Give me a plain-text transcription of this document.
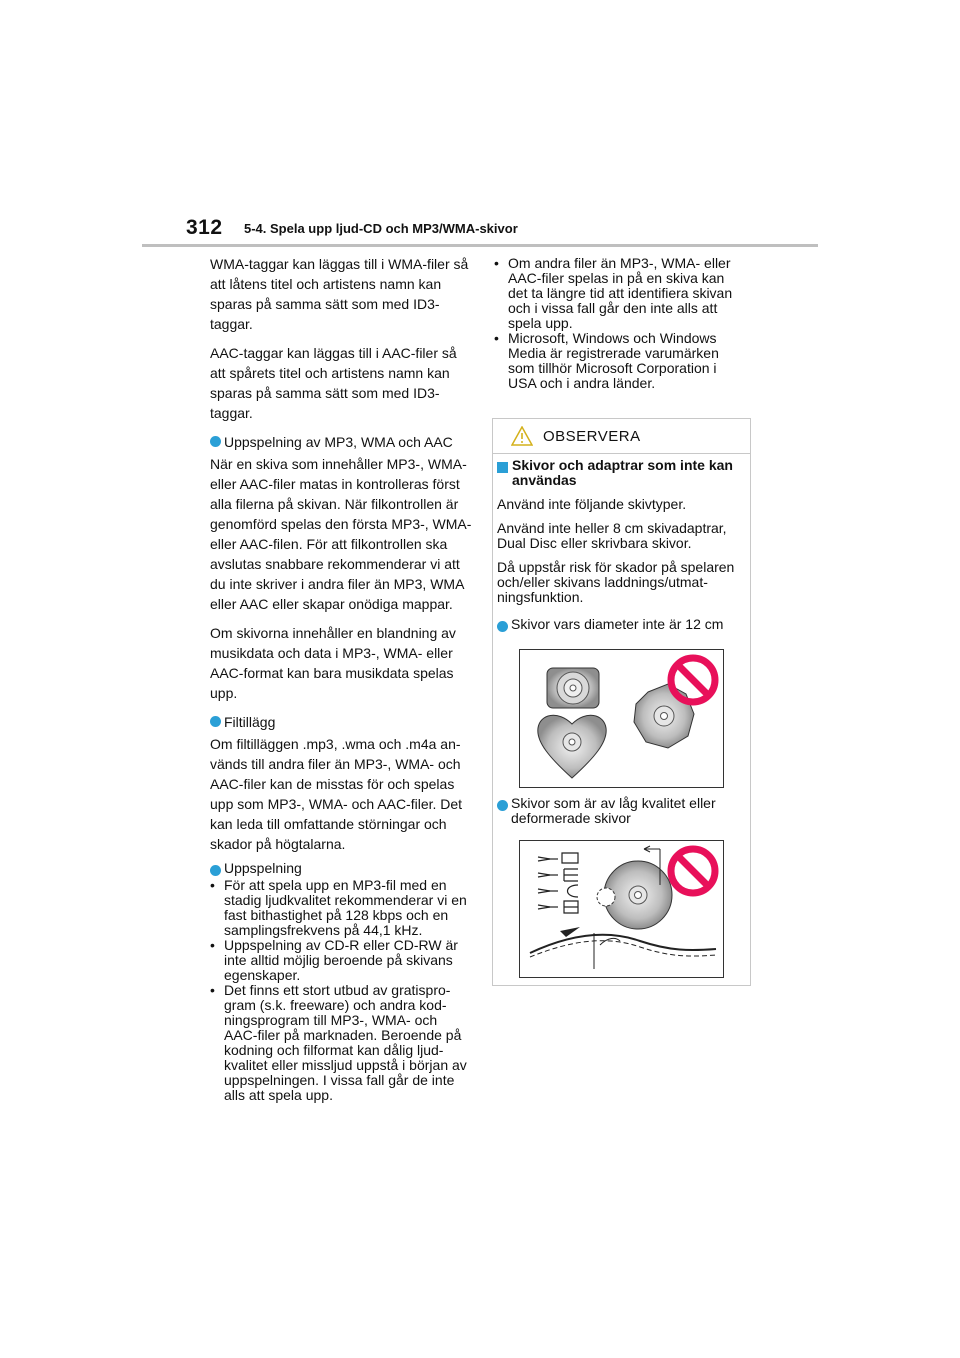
312 5-4. Spela upp ljud-CD och MP3/WMA-skivor

WMA-taggar kan läggas till i WMA-filer så att låtens titel och artistens namn kan sparas på samma sätt som med ID3-taggar.

AAC-taggar kan läggas till i AAC-filer så att spårets titel och artistens namn kan sparas på samma sätt som med ID3-taggar.

Uppspelning av MP3, WMA och AAC

När en skiva som innehåller MP3-, WMA- eller AAC-filer matas in kontrolleras först alla filerna på skivan. När filkontrollen är genomförd spelas den första MP3-, WMA- eller AAC-filen. För att filkontrollen ska avslutas snabbare rekommenderar vi att du inte skriver i andra filer än MP3, WMA eller AAC eller skapar onödiga mappar.

Om skivorna innehåller en blandning av musikdata och data i MP3-, WMA- eller AAC-format kan bara musikdata spelas upp.

Filtillägg

Om filtilläggen .mp3, .wma och .m4a används till andra filer än MP3-, WMA- och AAC-filer kan de misstas för och spelas upp som MP3-, WMA- och AAC-filer. Det kan leda till omfattande störningar och skador på högtalarna.

Uppspelning
• För att spela upp en MP3-fil med en stadig ljudkvalitet rekommenderar vi en fast bithastighet på 128 kbps och en samplingsfrekvens på 44,1 kHz.
• Uppspelning av CD-R eller CD-RW är inte alltid möjlig beroende på skivans egenskaper.
• Det finns ett stort utbud av gratisprogram (s.k. freeware) och andra kodningsprogram till MP3-, WMA- och AAC-filer på marknaden. Beroende på kodning och filformat kan dålig ljudkvalitet eller missljud uppstå i början av uppspelningen. I vissa fall går de inte alls att spela upp.
• Om andra filer än MP3-, WMA- eller AAC-filer spelas in på en skiva kan det ta längre tid att identifiera skivan och i vissa fall går den inte alls att spela upp.
• Microsoft, Windows och Windows Media är registrerade varumärken som tillhör Microsoft Corporation i USA och i andra länder.
OBSERVERA
Skivor och adaptrar som inte kan användas

Använd inte följande skivtyper.

Använd inte heller 8 cm skivadaptrar, Dual Disc eller skrivbara skivor.

Då uppstår risk för skador på spelaren och/eller skivans laddnings/utmatningsfunktion.

Skivor vars diameter inte är 12 cm
Skivor som är av låg kvalitet eller deformerade skivor
